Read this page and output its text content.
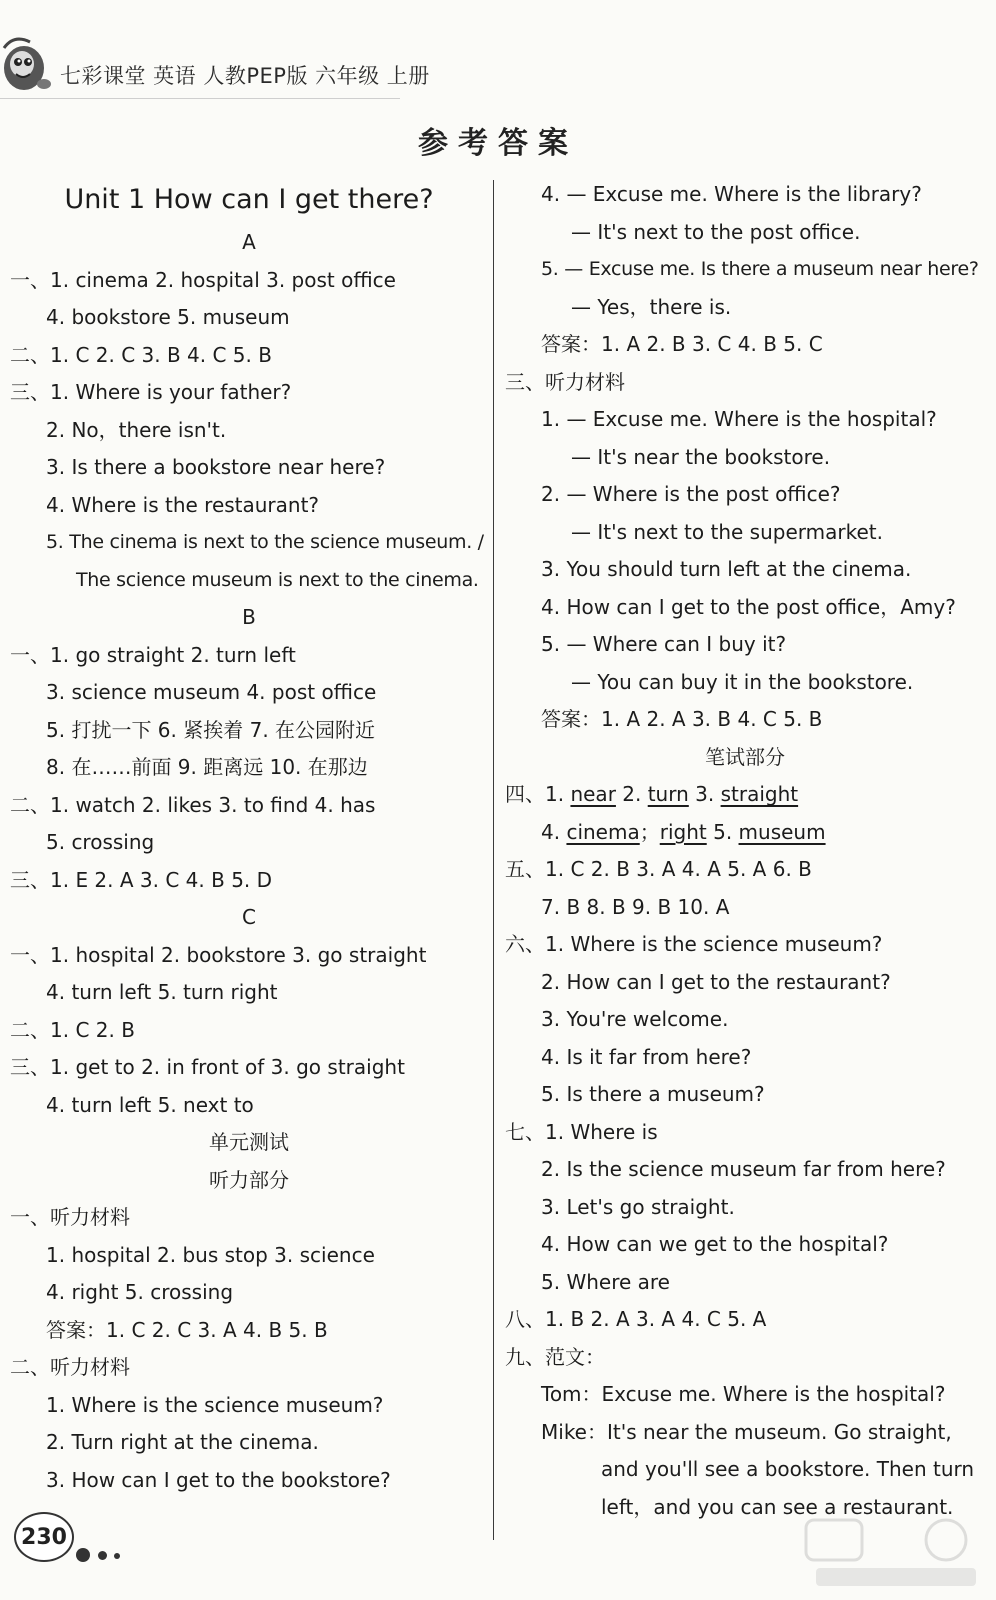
七彩课堂 英语 人教PEP版 六年级 上册
参考答案
Unit 1 How can I get there?
A
一、1. cinema 2. hospital 3. post office
4. bookstore 5. museum
二、1. C 2. C 3. B 4. C 5. B
三、1. Where is your father?
2. No，there isn't.
3. Is there a bookstore near here?
4. Where is the restaurant?
5. The cinema is next to the science museum. /
The science museum is next to the cinema.
B
一、1. go straight 2. turn left
3. science museum 4. post office
5. 打扰一下 6. 紧挨着 7. 在公园附近
8. 在……前面 9. 距离远 10. 在那边
二、1. watch 2. likes 3. to find 4. has
5. crossing
三、1. E 2. A 3. C 4. B 5. D
C
一、1. hospital 2. bookstore 3. go straight
4. turn left 5. turn right
二、1. C 2. B
三、1. get to 2. in front of 3. go straight
4. turn left 5. next to
单元测试
听力部分
一、听力材料
1. hospital 2. bus stop 3. science
4. right 5. crossing
答案：1. C 2. C 3. A 4. B 5. B
二、听力材料
1. Where is the science museum?
2. Turn right at the cinema.
3. How can I get to the bookstore?
4. — Excuse me. Where is the library?
— It's next to the post office.
5. — Excuse me. Is there a museum near here?
— Yes，there is.
答案：1. A 2. B 3. C 4. B 5. C
三、听力材料
1. — Excuse me. Where is the hospital?
— It's near the bookstore.
2. — Where is the post office?
— It's next to the supermarket.
3. You should turn left at the cinema.
4. How can I get to the post office，Amy?
5. — Where can I buy it?
— You can buy it in the bookstore.
答案：1. A 2. A 3. B 4. C 5. B
笔试部分
四、1. near 2. turn 3. straight
4. cinema；right 5. museum
五、1. C 2. B 3. A 4. A 5. A 6. B
7. B 8. B 9. B 10. A
六、1. Where is the science museum?
2. How can I get to the restaurant?
3. You're welcome.
4. Is it far from here?
5. Is there a museum?
七、1. Where is
2. Is the science museum far from here?
3. Let's go straight.
4. How can we get to the hospital?
5. Where are
八、1. B 2. A 3. A 4. C 5. A
九、范文：
Tom：Excuse me. Where is the hospital?
Mike：It's near the museum. Go straight,
and you'll see a bookstore. Then turn
left，and you can see a restaurant.
230
